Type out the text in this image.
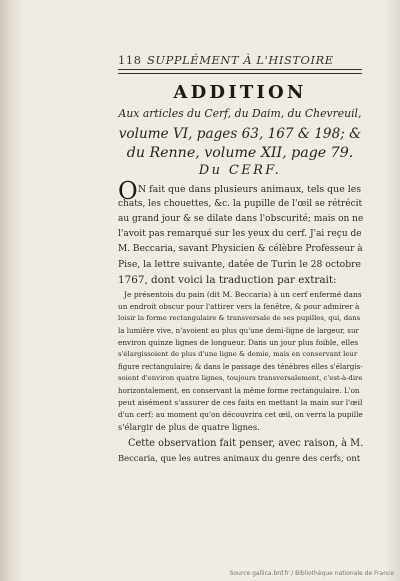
118 SUPPLÉMENT À L'HISTOIRE
ADDITION
Aux articles du Cerf, du Daim, du Chevreuil,
volume VI, pages 63, 167 & 198; &
du Renne, volume XII, page 79.
Du CERF.
O N fait que dans plusieurs animaux, tels que les
chats, les chouettes, &c. la pupille de l'œil se rétrécit
au grand jour & se dilate dans l'obscurité; mais on ne
l'avoit pas remarqué sur les yeux du cerf. J'ai reçu de
M. Beccaria, savant Physicien & célèbre Professeur à
Pise, la lettre suivante, datée de Turin le 28 octobre
1767, dont voici la traduction par extrait:
Je présentois du pain (dit M. Beccaria) à un cerf enfermé dans
un endroit obscur pour l'attirer vers la fenêtre, & pour admirer à
loisir la forme rectangulaire & transversale de ses pupilles, qui, dans
la lumière vive, n'avoient au plus qu'une demi-ligne de largeur, sur
environ quinze lignes de longueur. Dans un jour plus foible, elles
s'élargissoient de plus d'une ligne & demie, mais en conservant leur
figure rectangulaire; & dans le passage des ténèbres elles s'élargis-
soient d'environ quatre lignes, toujours transversalement, c'est-à-dire
horizontalement, en conservant la même forme rectangulaire. L'on
peut aisément s'assurer de ces faits en mettant la main sur l'œil
d'un cerf; au moment qu'on découvrira cet œil, on verra la pupille
s'élargir de plus de quatre lignes.
Cette observation fait penser, avec raison, à M.
Beccaria, que les autres animaux du genre des cerfs, ont
Source gallica.bnf.fr / Bibliothèque nationale de France
